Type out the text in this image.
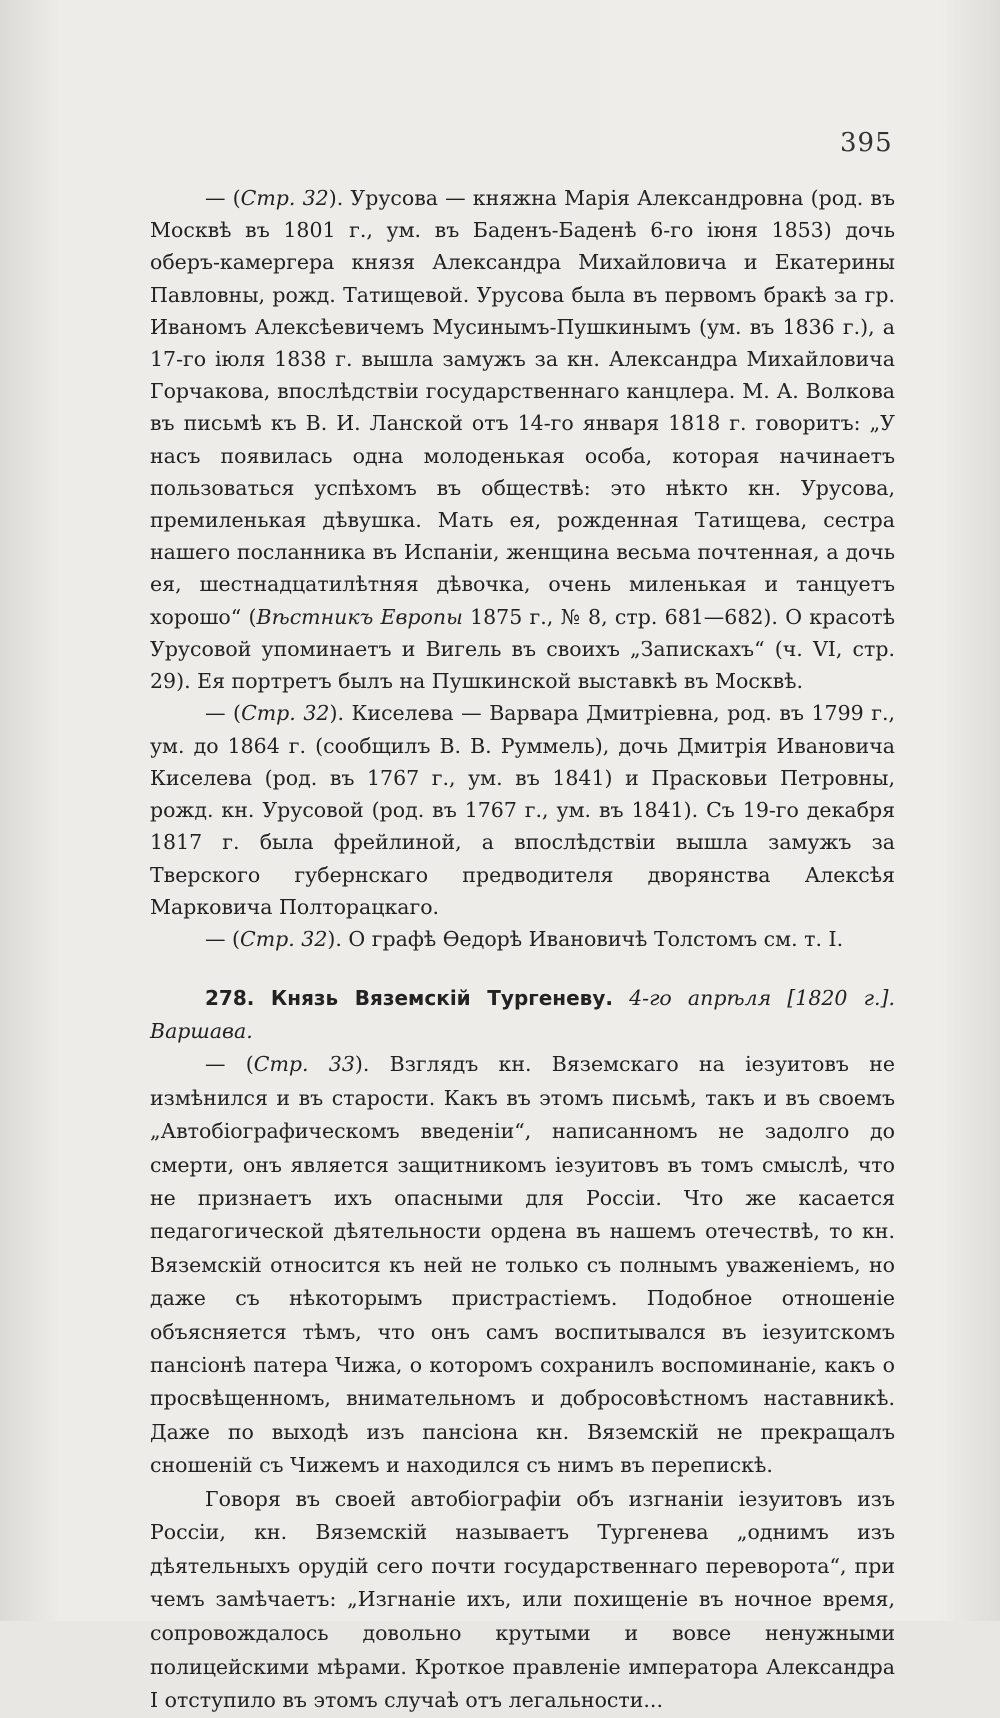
395

— (Стр. 32). Урусова — княжна Марія Александровна (род. въ Москвѣ въ 1801 г., ум. въ Баденъ-Баденѣ 6-го іюня 1853) дочь оберъ-камергера князя Александра Михайловича и Екатерины Павловны, рожд. Татищевой. Урусова была въ первомъ бракѣ за гр. Иваномъ Алексѣевичемъ Мусинымъ-Пушкинымъ (ум. въ 1836 г.), а 17-го іюля 1838 г. вышла замужъ за кн. Александра Михайловича Горчакова, впослѣдствіи государственнаго канцлера. М. А. Волкова въ письмѣ къ В. И. Ланской отъ 14-го января 1818 г. говоритъ: „У насъ появилась одна молоденькая особа, которая начинаетъ пользоваться успѣхомъ въ обществѣ: это нѣкто кн. Урусова, премиленькая дѣвушка. Мать ея, рожденная Татищева, сестра нашего посланника въ Испаніи, женщина весьма почтенная, а дочь ея, шестнадцатилѣтняя дѣвочка, очень миленькая и танцуетъ хорошо“ (Вѣстникъ Европы 1875 г., № 8, стр. 681—682). О красотѣ Урусовой упоминаетъ и Вигель въ своихъ „Запискахъ“ (ч. VI, стр. 29). Ея портретъ былъ на Пушкинской выставкѣ въ Москвѣ.

— (Стр. 32). Киселева — Варвара Дмитріевна, род. въ 1799 г., ум. до 1864 г. (сообщилъ В. В. Руммель), дочь Дмитрія Ивановича Киселева (род. въ 1767 г., ум. въ 1841) и Прасковьи Петровны, рожд. кн. Урусовой (род. въ 1767 г., ум. въ 1841). Съ 19-го декабря 1817 г. была фрейлиной, а впослѣдствіи вышла замужъ за Тверского губернскаго предводителя дворянства Алексѣя Марковича Полторацкаго.

— (Стр. 32). О графѣ Ѳедорѣ Ивановичѣ Толстомъ см. т. I.

278. Князь Вяземскій Тургеневу. 4-го апрѣля [1820 г.]. Варшава.

— (Стр. 33). Взглядъ кн. Вяземскаго на іезуитовъ не измѣнился и въ старости. Какъ въ этомъ письмѣ, такъ и въ своемъ „Автобіографическомъ введеніи“, написанномъ не задолго до смерти, онъ является защитникомъ іезуитовъ въ томъ смыслѣ, что не признаетъ ихъ опасными для Россіи. Что же касается педагогической дѣятельности ордена въ нашемъ отечествѣ, то кн. Вяземскій относится къ ней не только съ полнымъ уваженіемъ, но даже съ нѣкоторымъ пристрастіемъ. Подобное отношеніе объясняется тѣмъ, что онъ самъ воспитывался въ іезуитскомъ пансіонѣ патера Чижа, о которомъ сохранилъ воспоминаніе, какъ о просвѣщенномъ, внимательномъ и добросовѣстномъ наставникѣ. Даже по выходѣ изъ пансіона кн. Вяземскій не прекращалъ сношеній съ Чижемъ и находился съ нимъ въ перепискѣ.

Говоря въ своей автобіографіи объ изгнаніи іезуитовъ изъ Россіи, кн. Вяземскій называетъ Тургенева „однимъ изъ дѣятельныхъ орудій сего почти государственнаго переворота“, при чемъ замѣчаетъ: „Изгнаніе ихъ, или похищеніе въ ночное время, сопровождалось довольно крутыми и вовсе ненужными полицейскими мѣрами. Кроткое правленіе императора Александра I отступило въ этомъ случаѣ отъ легальности...
